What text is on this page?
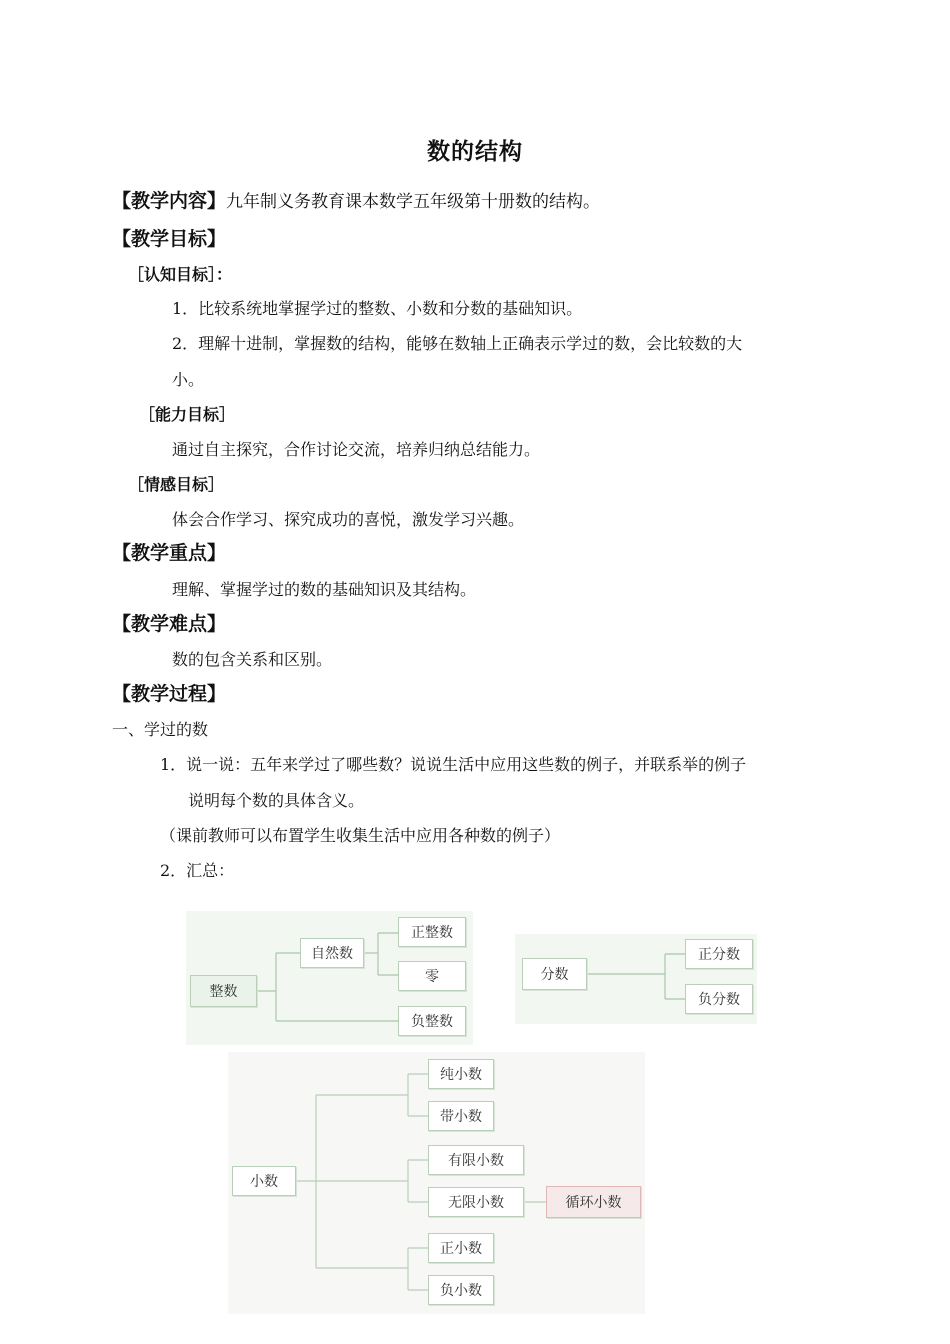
数的结构
【教学内容】九年制义务教育课本数学五年级第十册数的结构。
【教学目标】
［认知目标］：
1．比较系统地掌握学过的整数、小数和分数的基础知识。
2．理解十进制，掌握数的结构，能够在数轴上正确表示学过的数，会比较数的大
小。
［能力目标］
通过自主探究，合作讨论交流，培养归纳总结能力。
［情感目标］
体会合作学习、探究成功的喜悦，激发学习兴趣。
【教学重点】
理解、掌握学过的数的基础知识及其结构。
【教学难点】
数的包含关系和区别。
【教学过程】
一、学过的数
1．说一说：五年来学过了哪些数？说说生活中应用这些数的例子，并联系举的例子
说明每个数的具体含义。
（课前教师可以布置学生收集生活中应用各种数的例子）
2．汇总：
整数
自然数
正整数
零
负整数
分数
正分数
负分数
小数
纯小数
带小数
有限小数
无限小数	循环小数
正小数
负小数
